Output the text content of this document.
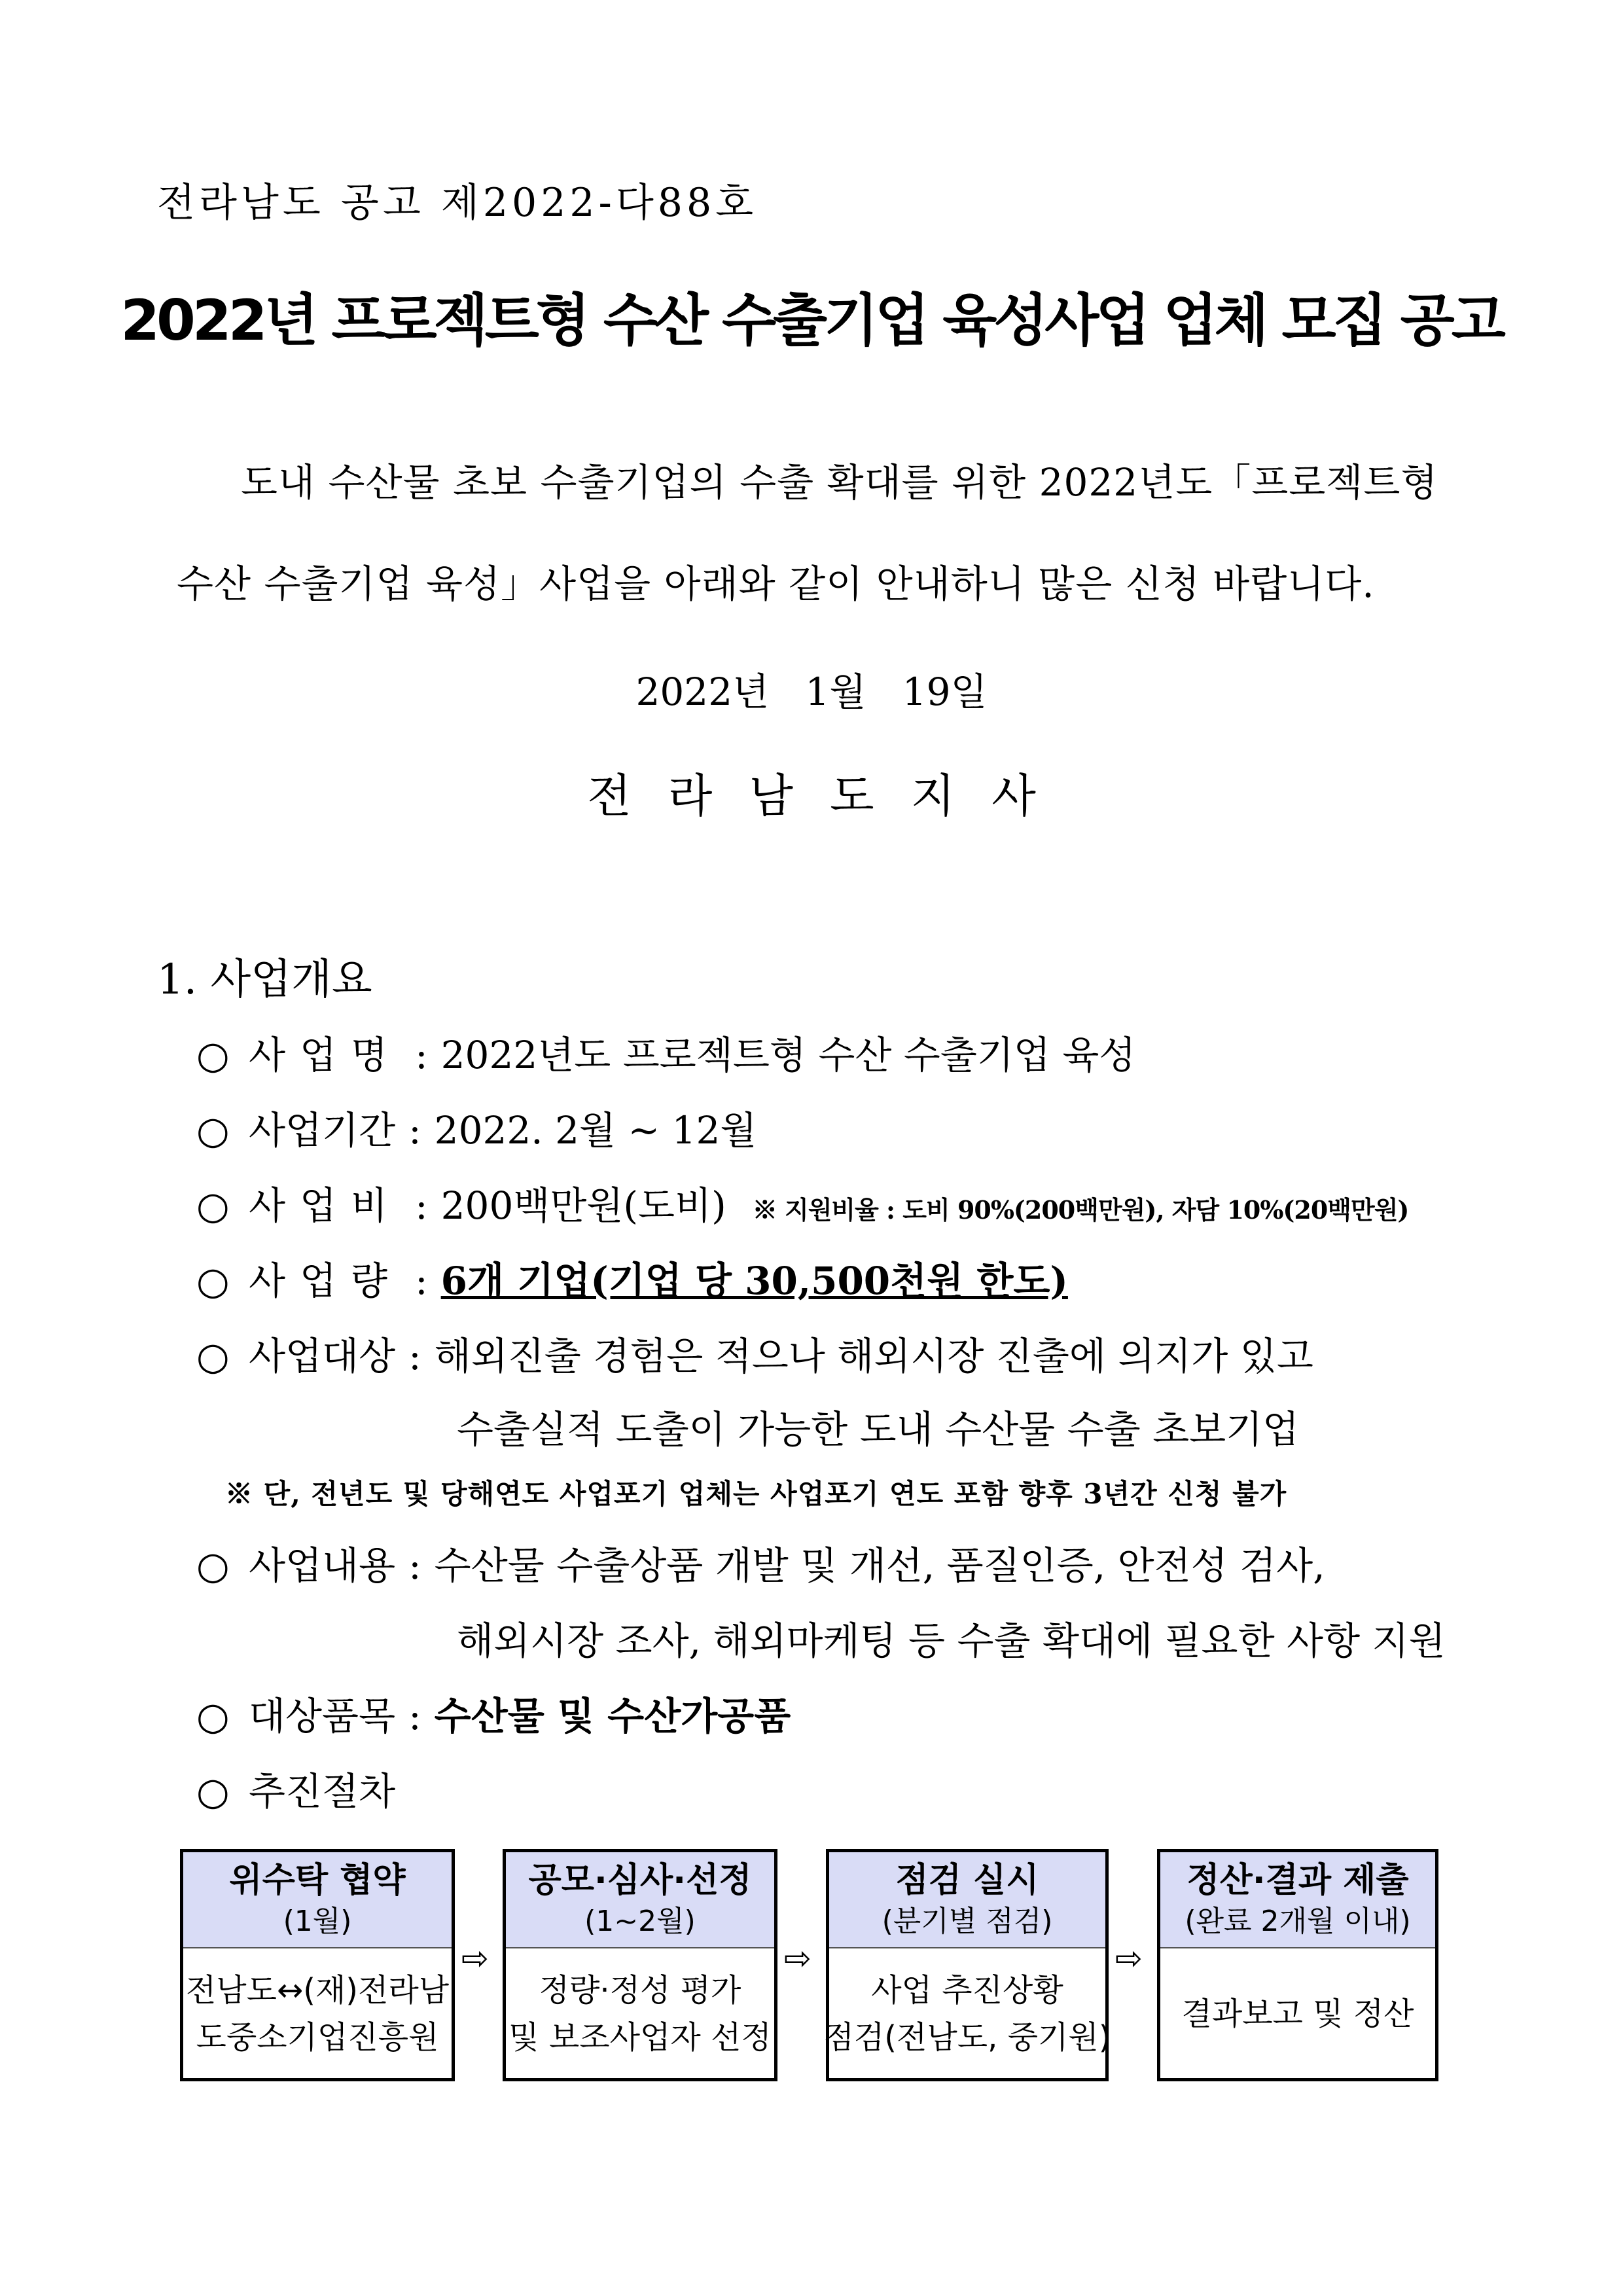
전라남도 공고 제2022-다88호
2022년 프로젝트형 수산 수출기업 육성사업 업체 모집 공고
도내 수산물 초보 수출기업의 수출 확대를 위한 2022년도「프로젝트형
수산 수출기업 육성」사업을 아래와 같이 안내하니 많은 신청 바랍니다.
2022년   1월   19일
전라남도지사
1. 사업개요
○ 사업명 : 2022년도 프로젝트형 수산 수출기업 육성
○ 사업기간 : 2022. 2월 ~ 12월
○ 사업비 : 200백만원(도비) ※ 지원비율 : 도비 90%(200백만원), 자담 10%(20백만원)
○ 사업량 : 6개 기업(기업 당 30,500천원 한도)
○ 사업대상 : 해외진출 경험은 적으나 해외시장 진출에 의지가 있고
수출실적 도출이 가능한 도내 수산물 수출 초보기업
※ 단, 전년도 및 당해연도 사업포기 업체는 사업포기 연도 포함 향후 3년간 신청 불가
○ 사업내용 : 수산물 수출상품 개발 및 개선, 품질인증, 안전성 검사,
해외시장 조사, 해외마케팅 등 수출 확대에 필요한 사항 지원
○ 대상품목 : 수산물 및 수산가공품
○ 추진절차
위수탁 협약
(1월)
전남도↔(재)전라남
도중소기업진흥원
⇨
공모·심사·선정
(1~2월)
정량·정성 평가
및 보조사업자 선정
⇨
점검 실시
(분기별 점검)
사업 추진상황
점검(전남도, 중기원)
⇨
정산·결과 제출
(완료 2개월 이내)
결과보고 및 정산
